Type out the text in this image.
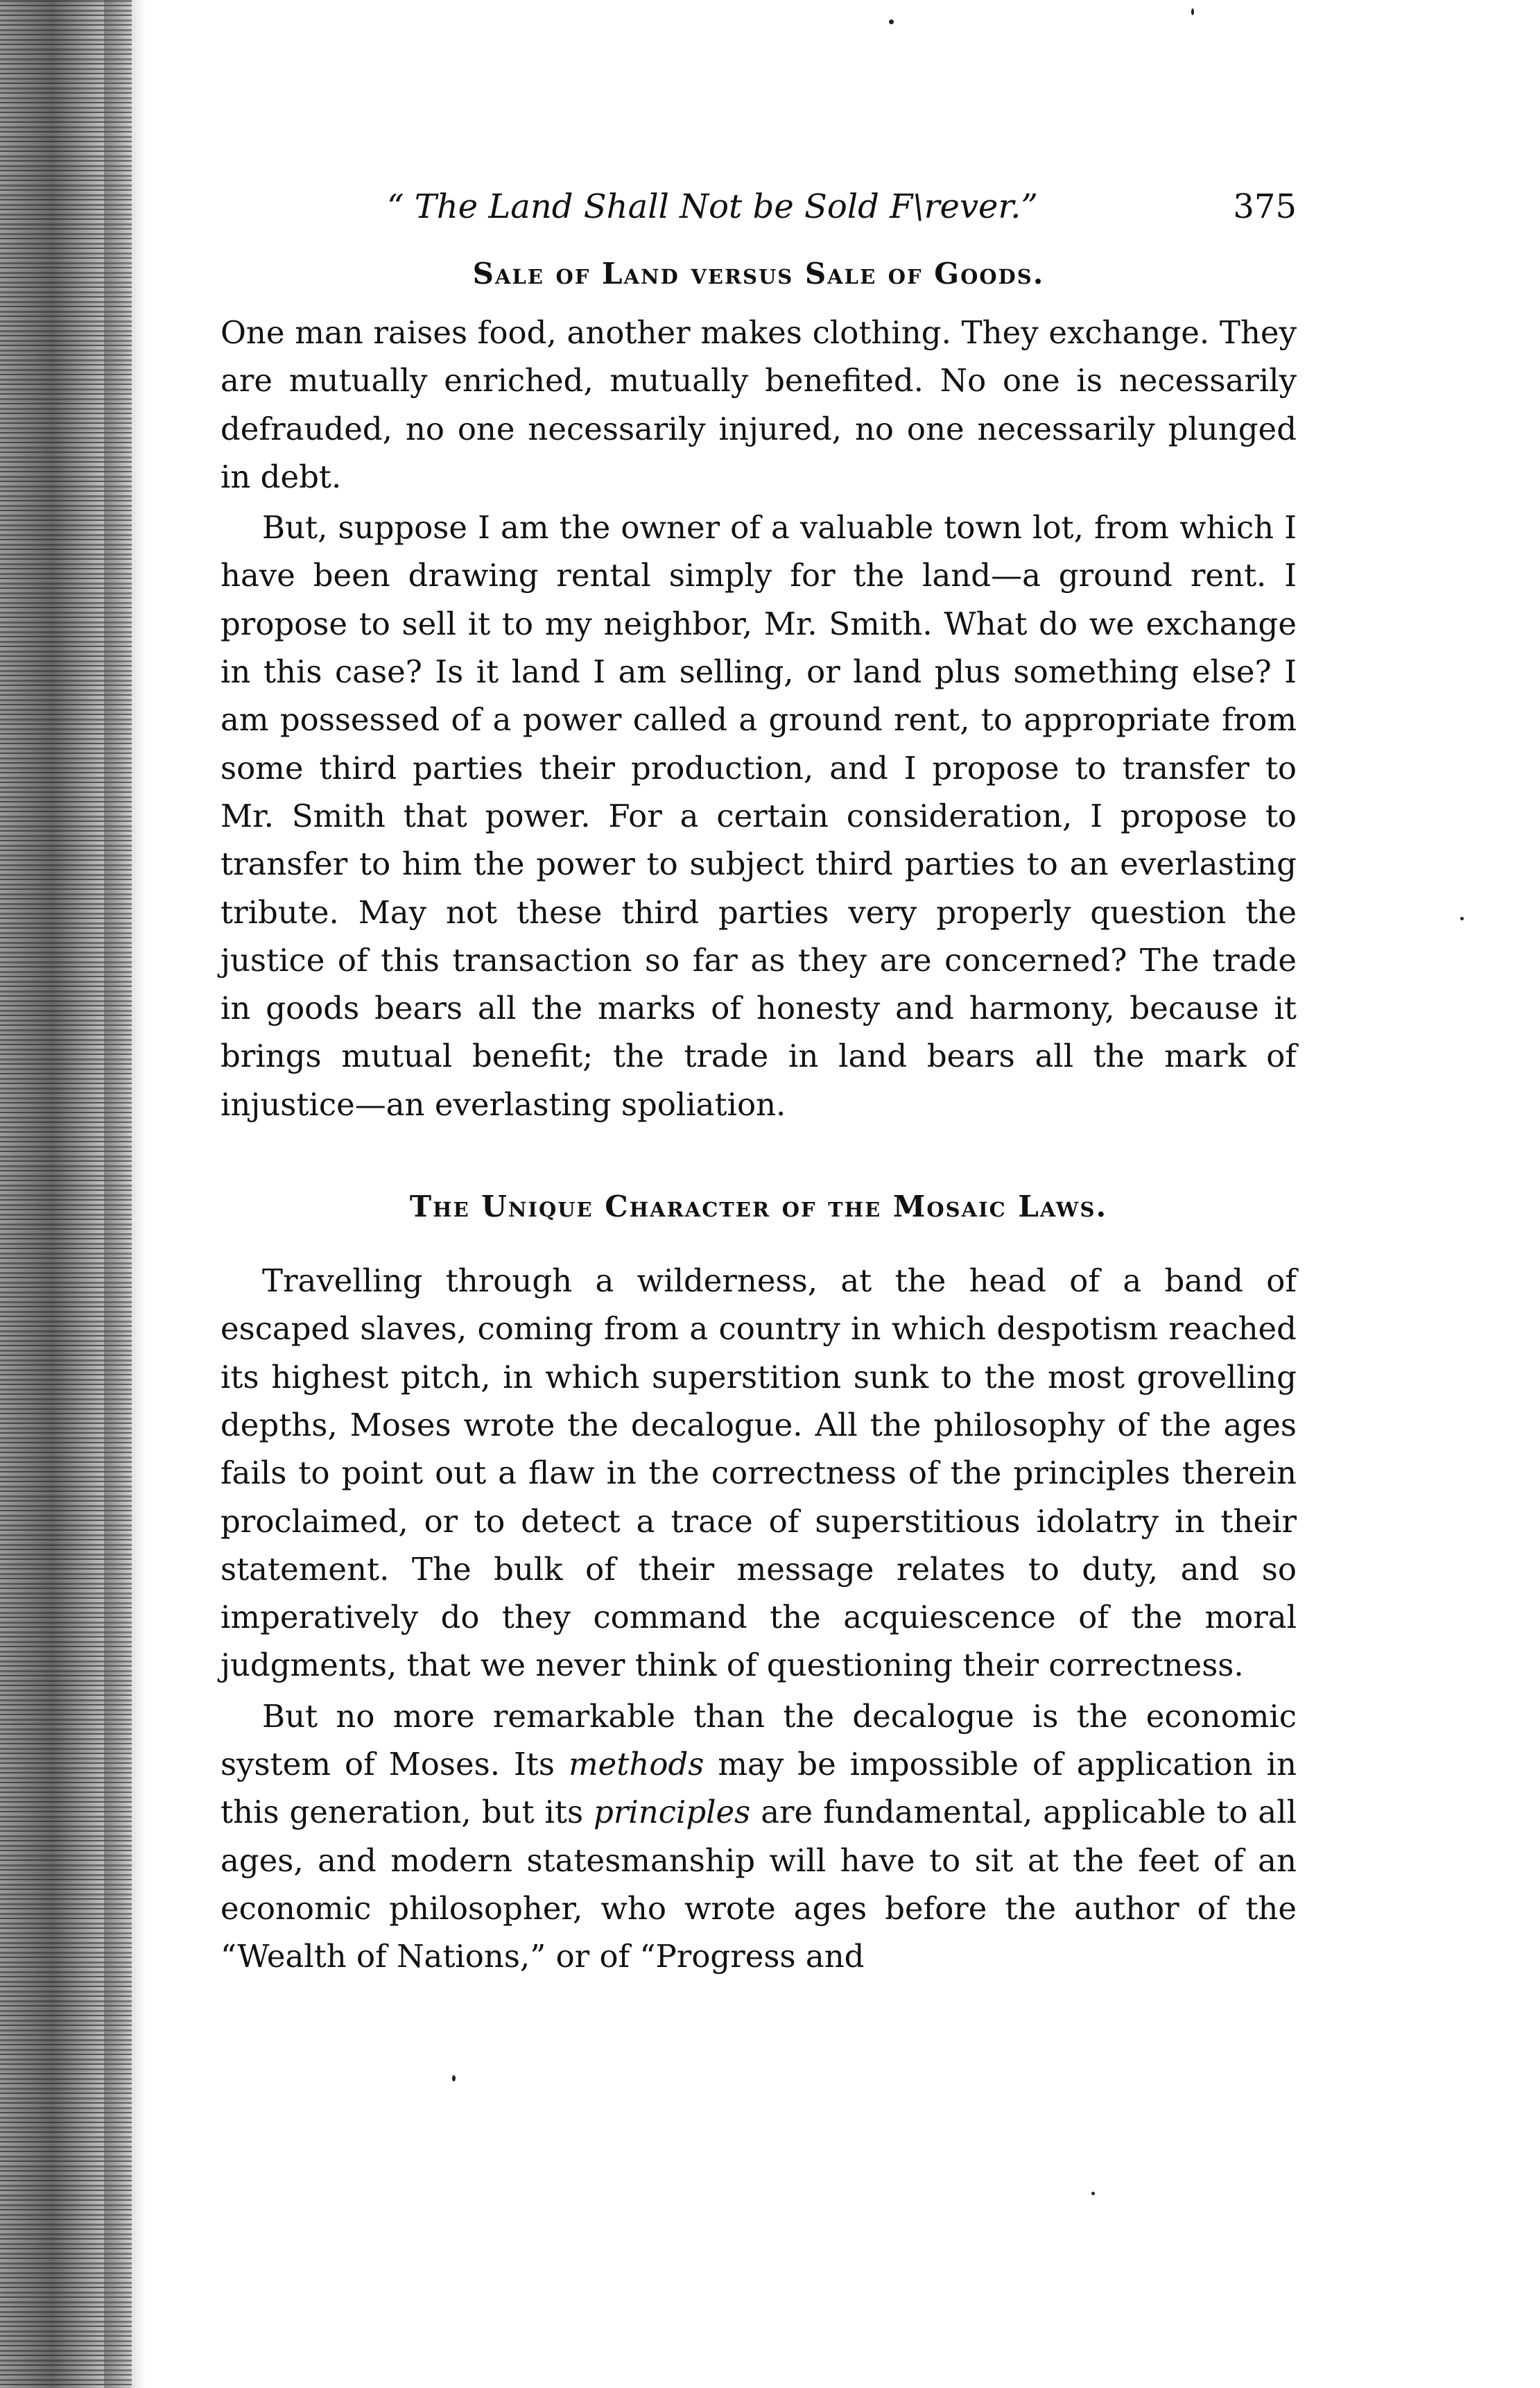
“ The Land Shall Not be Sold F\rever.”	375
Sale of Land versus Sale of Goods.

One man raises food, another makes clothing. They exchange. They are mutually enriched, mutually benefited. No one is necessarily defrauded, no one necessarily injured, no one necessarily plunged in debt.

But, suppose I am the owner of a valuable town lot, from which I have been drawing rental simply for the land—a ground rent. I propose to sell it to my neighbor, Mr. Smith. What do we exchange in this case? Is it land I am selling, or land plus something else? I am possessed of a power called a ground rent, to appropriate from some third parties their production, and I propose to transfer to Mr. Smith that power. For a certain consideration, I propose to transfer to him the power to subject third parties to an everlasting tribute. May not these third parties very properly question the justice of this transaction so far as they are concerned? The trade in goods bears all the marks of honesty and harmony, because it brings mutual benefit; the trade in land bears all the mark of injustice—an everlasting spoliation.

The Unique Character of the Mosaic Laws.

Travelling through a wilderness, at the head of a band of escaped slaves, coming from a country in which despotism reached its highest pitch, in which superstition sunk to the most grovelling depths, Moses wrote the decalogue. All the philosophy of the ages fails to point out a flaw in the correctness of the principles therein proclaimed, or to detect a trace of superstitious idolatry in their statement. The bulk of their message relates to duty, and so imperatively do they command the acquiescence of the moral judgments, that we never think of questioning their correctness.

But no more remarkable than the decalogue is the economic system of Moses. Its methods may be impossible of application in this generation, but its principles are fundamental, applicable to all ages, and modern statesmanship will have to sit at the feet of an economic philosopher, who wrote ages before the author of the “Wealth of Nations,” or of “Progress and
